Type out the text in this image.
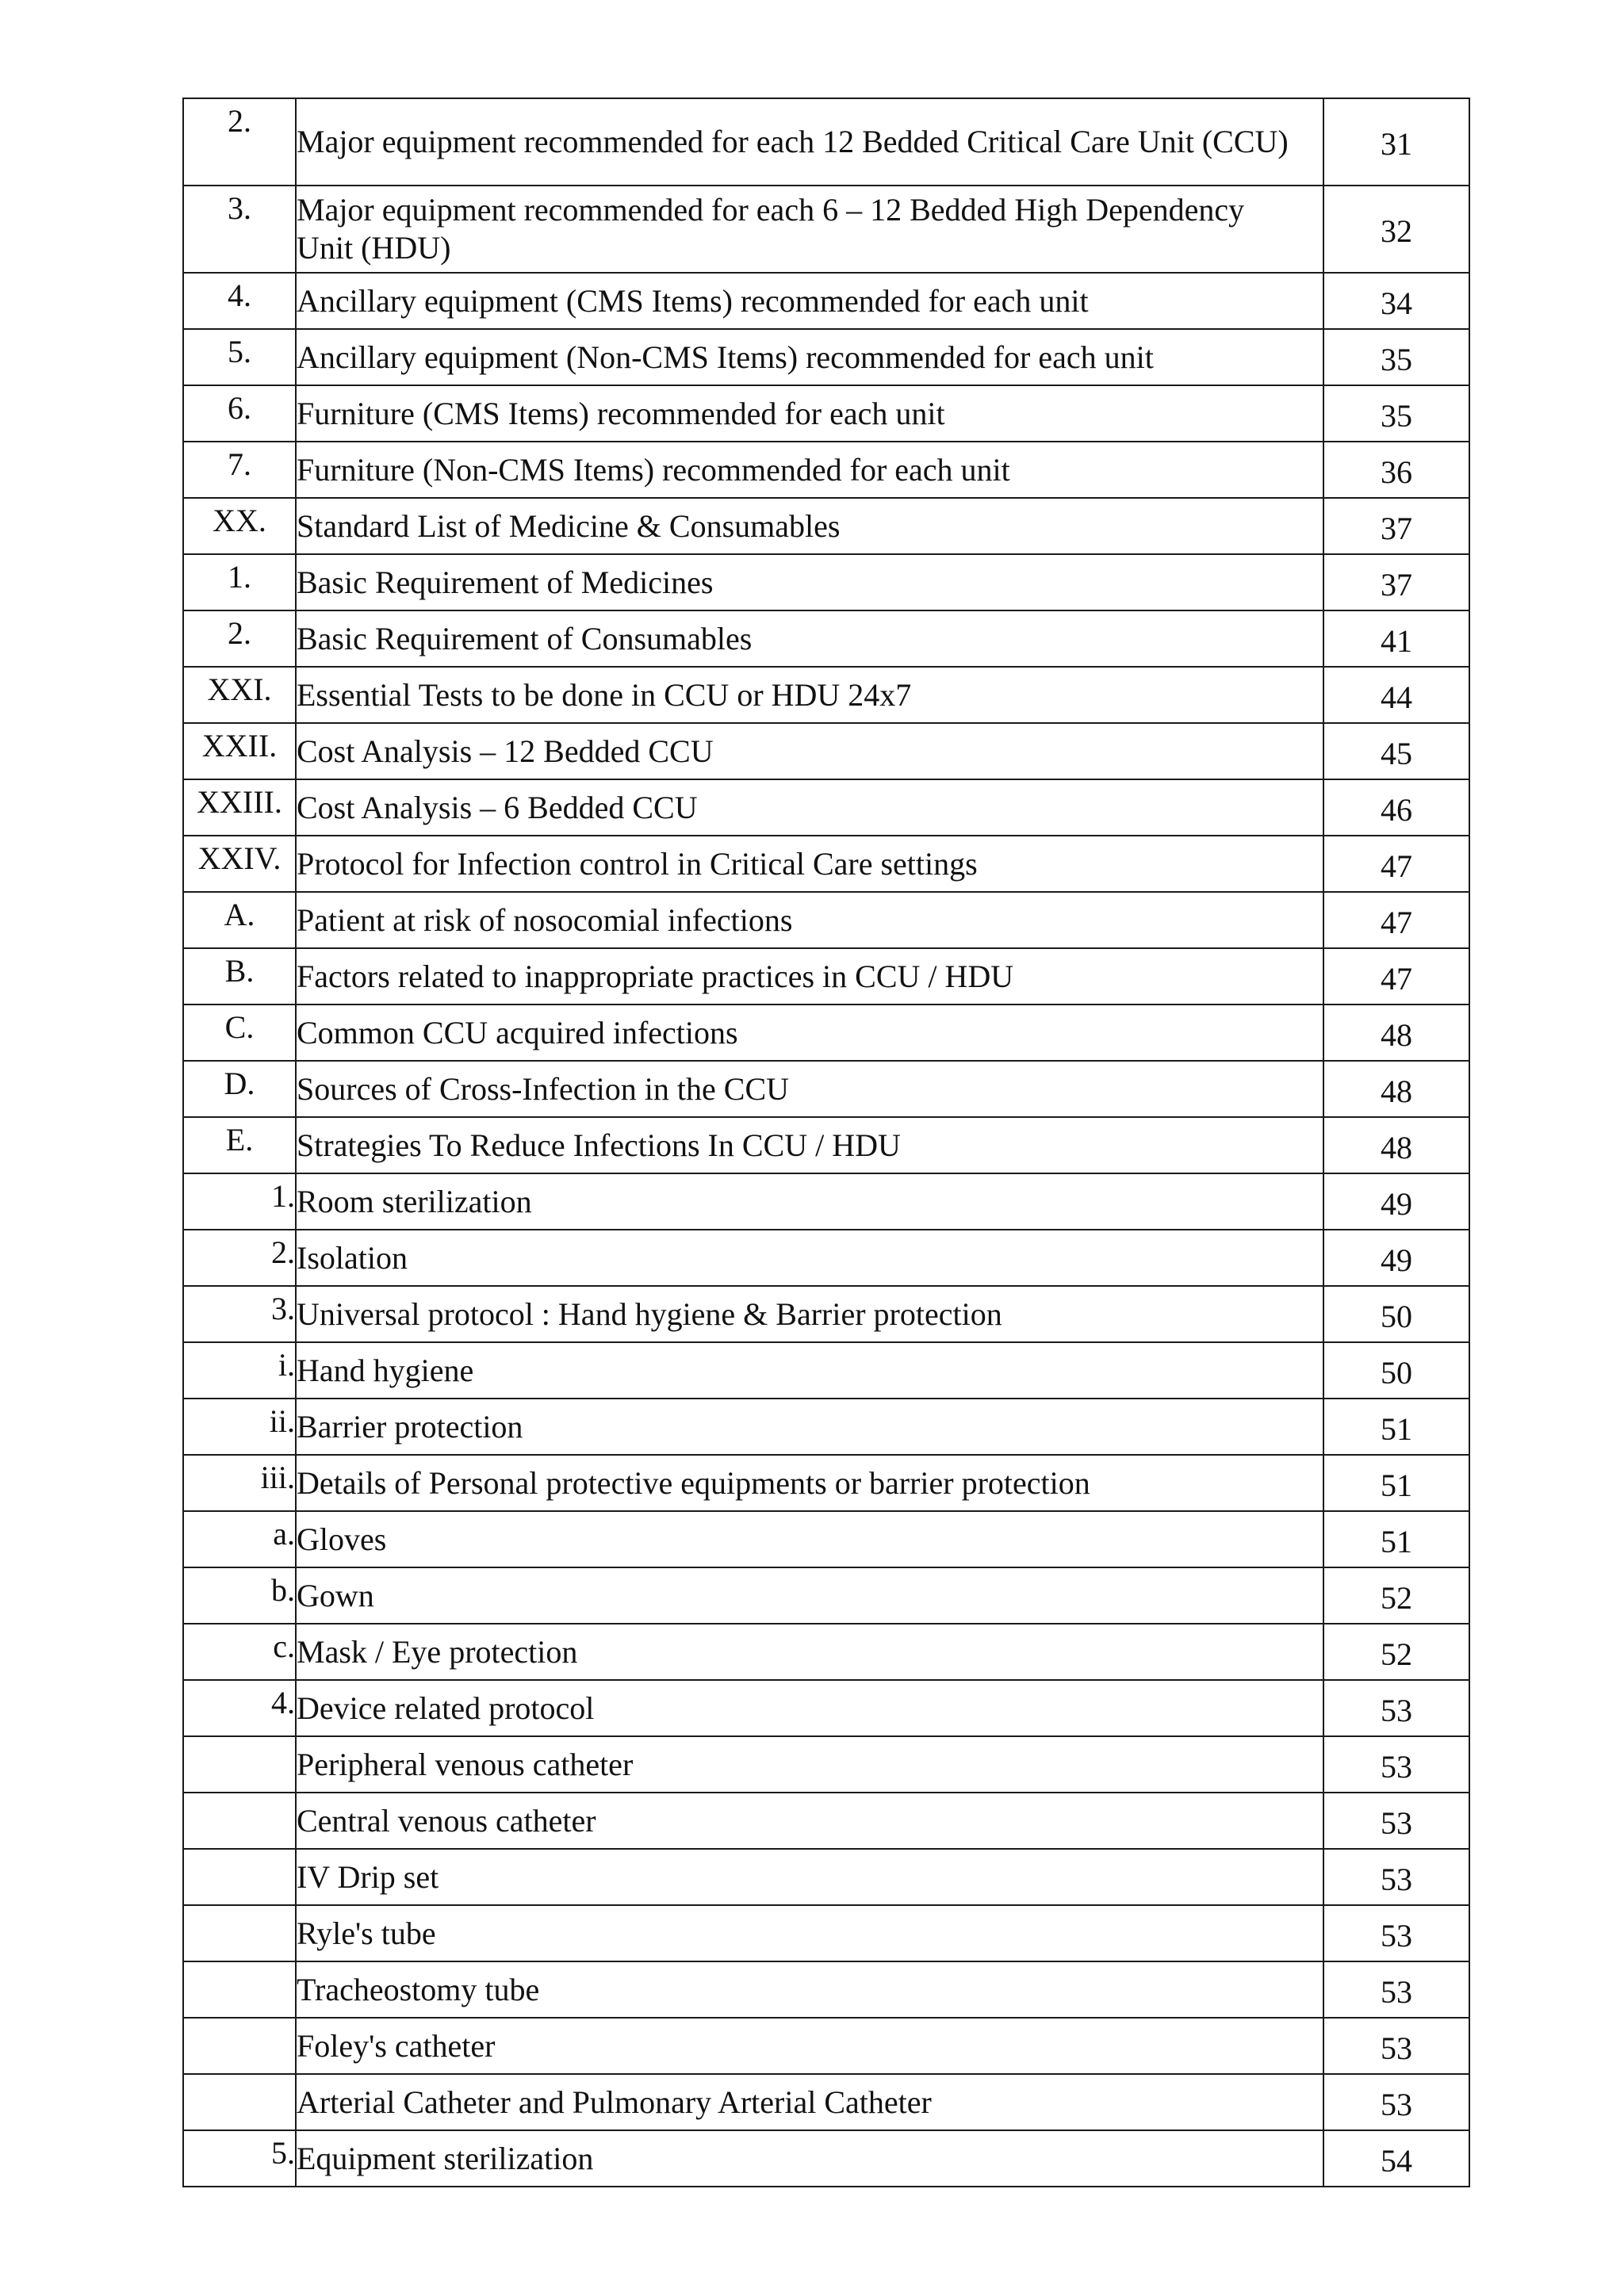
2.	Major equipment recommended for each 12 Bedded Critical Care Unit (CCU)	31
3.	Major equipment recommended for each 6 – 12 Bedded High Dependency Unit (HDU)	32
4.	Ancillary equipment (CMS Items) recommended for each unit	34
5.	Ancillary equipment (Non-CMS Items) recommended for each unit	35
6.	Furniture (CMS Items) recommended for each unit	35
7.	Furniture (Non-CMS Items) recommended for each unit	36
XX.	Standard List of Medicine & Consumables	37
1.	Basic Requirement of Medicines	37
2.	Basic Requirement of Consumables	41
XXI.	Essential Tests to be done in CCU or HDU 24x7	44
XXII.	Cost Analysis – 12 Bedded CCU	45
XXIII.	Cost Analysis – 6 Bedded CCU	46
XXIV.	Protocol for Infection control in Critical Care settings	47
A.	Patient at risk of nosocomial infections	47
B.	Factors related to inappropriate practices in CCU / HDU	47
C.	Common CCU acquired infections	48
D.	Sources of Cross-Infection in the CCU	48
E.	Strategies To Reduce Infections In CCU / HDU	48
1.	Room sterilization	49
2.	Isolation	49
3.	Universal protocol : Hand hygiene & Barrier protection	50
i.	Hand hygiene	50
ii.	Barrier protection	51
iii.	Details of Personal protective equipments or barrier protection	51
a.	Gloves	51
b.	Gown	52
c.	Mask / Eye protection	52
4.	Device related protocol	53
	Peripheral venous catheter	53
	Central venous catheter	53
	IV Drip set	53
	Ryle's tube	53
	Tracheostomy tube	53
	Foley's catheter	53
	Arterial Catheter and Pulmonary Arterial Catheter	53
5.	Equipment sterilization	54
